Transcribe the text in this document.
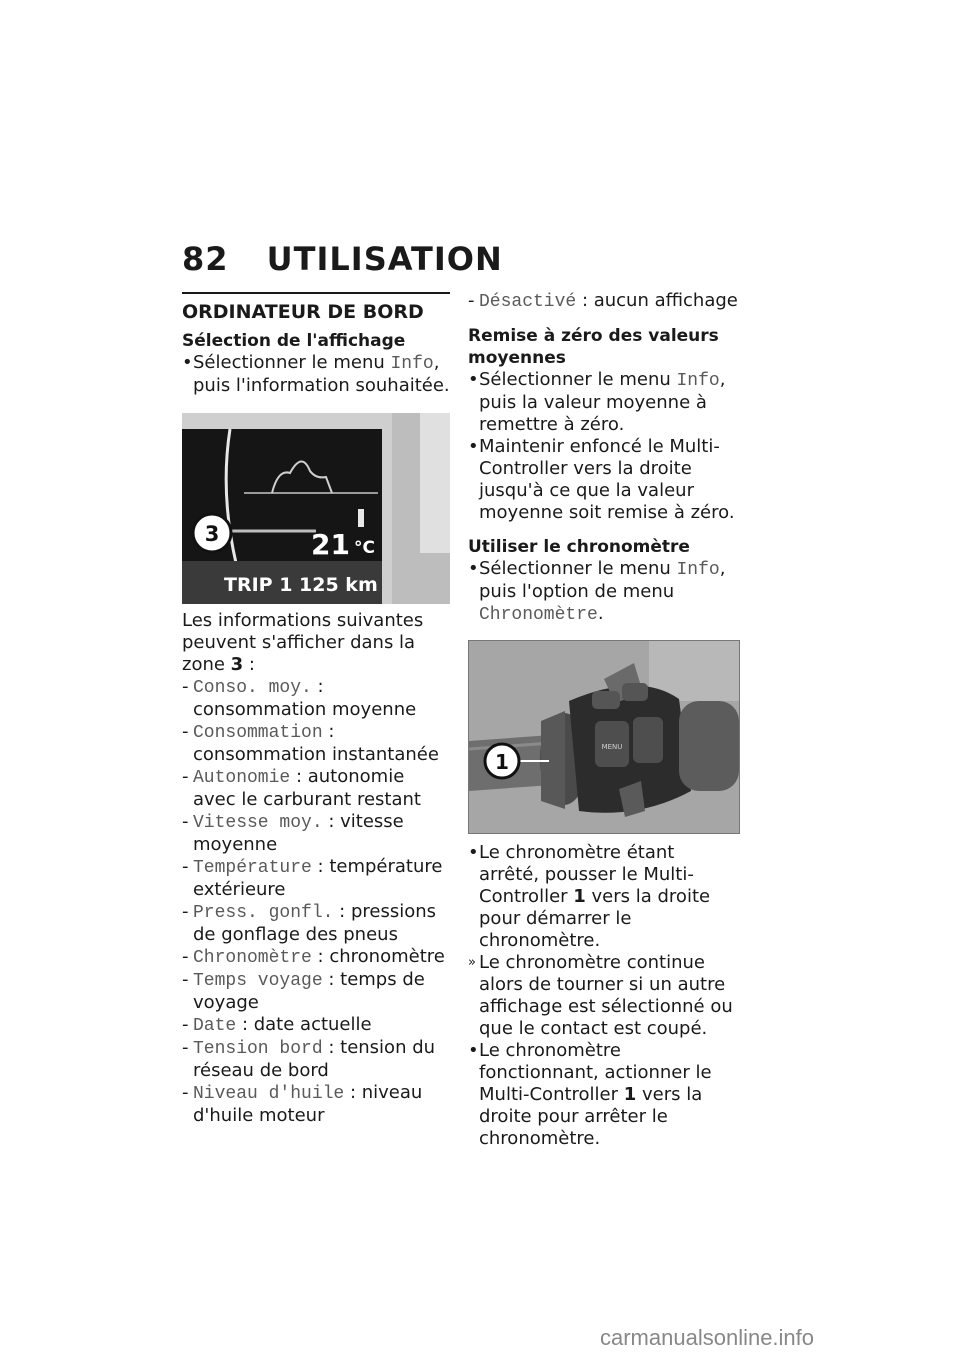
82 UTILISATION
ORDINATEUR DE BORD
Sélection de l'affichage
• Sélectionner le menu Info, puis l'information souhaitée.
3	21 °C
TRIP 1 125 km
Les informations suivantes peuvent s'afficher dans la zone 3 :
- Conso. moy. : consommation moyenne
- Consommation : consommation instantanée
- Autonomie : autonomie avec le carburant restant
- Vitesse moy. : vitesse moyenne
- Température : température extérieure
- Press. gonfl. : pressions de gonflage des pneus
- Chronomètre : chronomètre
- Temps voyage : temps de voyage
- Date : date actuelle
- Tension bord : tension du réseau de bord
- Niveau d'huile : niveau d'huile moteur
- Désactivé : aucun affichage
Remise à zéro des valeurs moyennes
• Sélectionner le menu Info, puis la valeur moyenne à remettre à zéro.
• Maintenir enfoncé le Multi-Controller vers la droite jusqu'à ce que la valeur moyenne soit remise à zéro.
Utiliser le chronomètre
• Sélectionner le menu Info, puis l'option de menu Chronomètre.
MENU
1
• Le chronomètre étant arrêté, pousser le Multi-Controller 1 vers la droite pour démarrer le chronomètre.
» Le chronomètre continue alors de tourner si un autre affichage est sélectionné ou que le contact est coupé.
• Le chronomètre fonctionnant, actionner le Multi-Controller 1 vers la droite pour arrêter le chronomètre.
carmanualsonline.info
